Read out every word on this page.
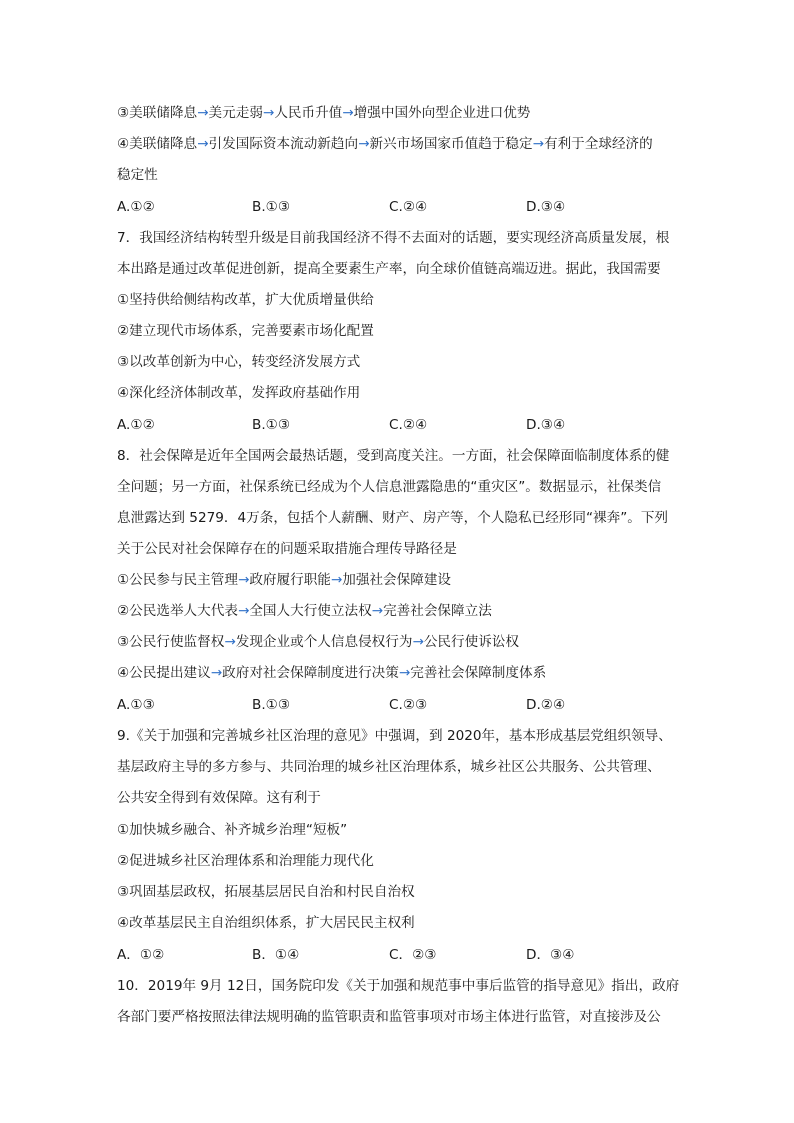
③美联储降息→美元走弱→人民币升值→增强中国外向型企业进口优势
④美联储降息→引发国际资本流动新趋向→新兴市场国家币值趋于稳定→有利于全球经济的
稳定性
A.①②	B.①③	C.②④	D.③④
7．我国经济结构转型升级是目前我国经济不得不去面对的话题，要实现经济高质量发展，根
本出路是通过改革促进创新，提高全要素生产率，向全球价值链高端迈进。据此，我国需要
①坚持供给侧结构改革，扩大优质增量供给
②建立现代市场体系，完善要素市场化配置
③以改革创新为中心，转变经济发展方式
④深化经济体制改革，发挥政府基础作用
A.①②	B.①③	C.②④	D.③④
8．社会保障是近年全国两会最热话题，受到高度关注。一方面，社会保障面临制度体系的健
全问题；另一方面，社保系统已经成为个人信息泄露隐患的“重灾区”。数据显示，社保类信
息泄露达到 5279．4万条，包括个人薪酬、财产、房产等，个人隐私已经形同“裸奔”。下列
关于公民对社会保障存在的问题采取措施合理传导路径是
①公民参与民主管理→政府履行职能→加强社会保障建设
②公民选举人大代表→全国人大行使立法权→完善社会保障立法
③公民行使监督权→发现企业或个人信息侵权行为→公民行使诉讼权
④公民提出建议→政府对社会保障制度进行决策→完善社会保障制度体系
A.①③	B.①③	C.②③	D.②④
9.《关于加强和完善城乡社区治理的意见》中强调，到 2020年，基本形成基层党组织领导、
基层政府主导的多方参与、共同治理的城乡社区治理体系，城乡社区公共服务、公共管理、
公共安全得到有效保障。这有利于
①加快城乡融合、补齐城乡治理“短板”
②促进城乡社区治理体系和治理能力现代化
③巩固基层政权，拓展基层居民自治和村民自治权
④改革基层民主自治组织体系，扩大居民民主权利
A．①②	B．①④	C．②③	D．③④
10．2019年 9月 12日，国务院印发《关于加强和规范事中事后监管的指导意见》指出，政府
各部门要严格按照法律法规明确的监管职责和监管事项对市场主体进行监管，对直接涉及公
